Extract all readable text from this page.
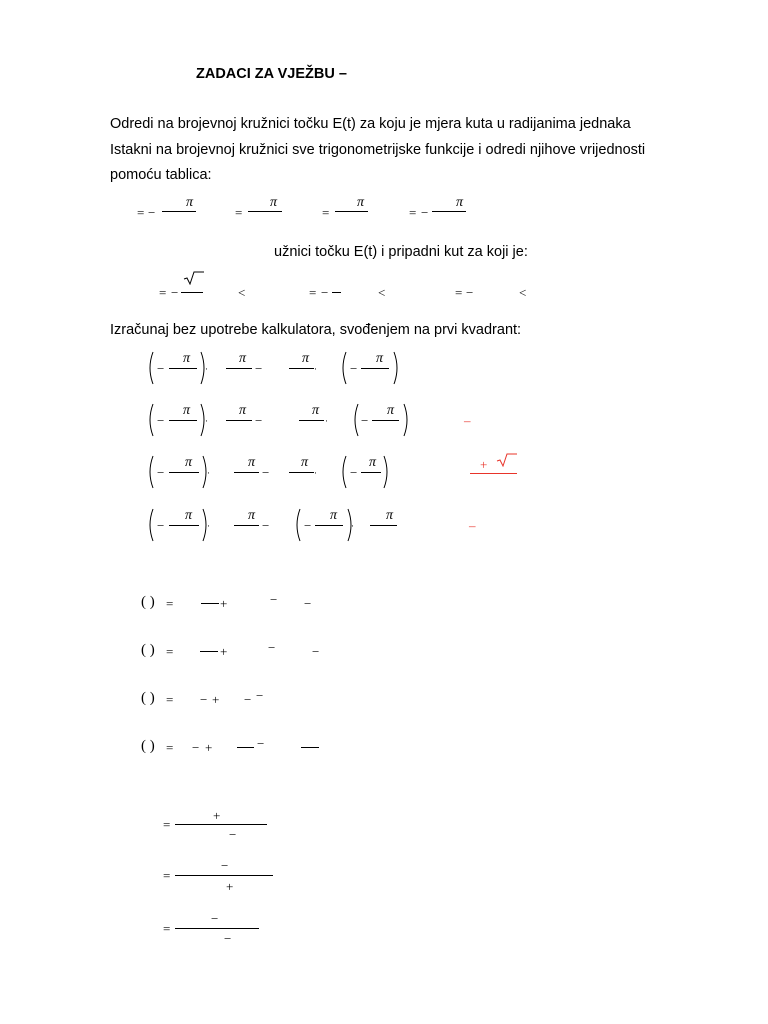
ZADACI ZA VJEŽBU –
Odredi na brojevnoj kružnici točku E(t) za koju je mjera kuta u radijanima jednaka
Istakni na brojevnoj kružnici sve trigonometrijske funkcije i odredi njihove vrijednosti
pomoću tablica:
= −
π
=
π
=
π
= −
π
užnici točku E(t) i pripadni kut za koji je:
= −	<	= −	<	= −	<
Izračunaj bez upotrebe kalkulatora, svođenjem na prvi kvadrant:
−
π
·
π
−
π
·	−
π
−
π
·
π
−
π
·	−
π
–
−
π
·
π
−
π
·	−
π	+
−
π
·
π
−	−
π
·
π
–
( ) =	+	− −
( ) =	+	−	−
( ) = − + − −
( ) = − +	−
=
+
−
=
−
+
=
−
−
